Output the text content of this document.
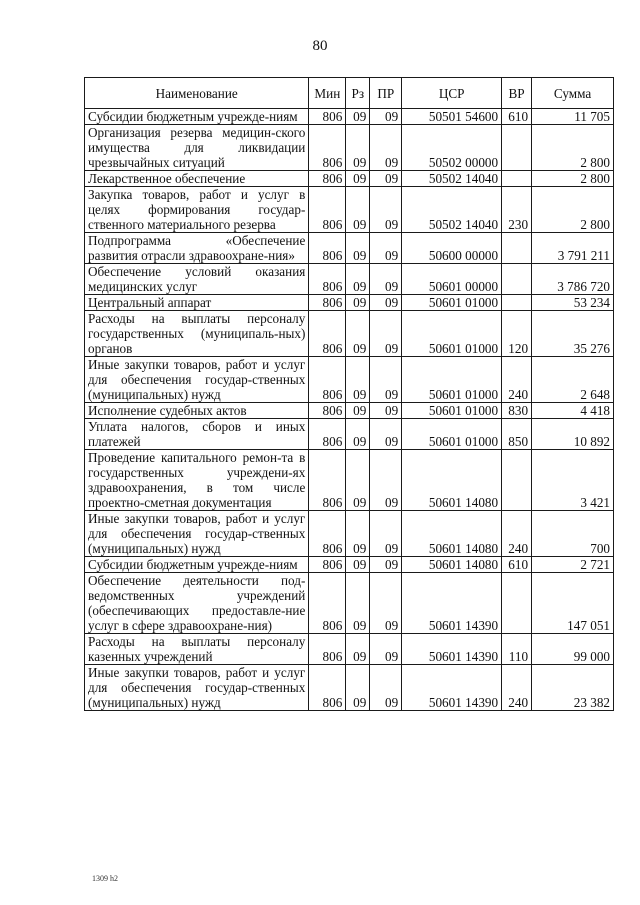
80
Наименование	Мин	Рз	ПР	ЦСР	ВР	Сумма
Субсидии бюджетным учрежде-ниям	806	09	09	50501 54600	610	11 705
Организация резерва медицин-ского имущества для ликвидации чрезвычайных ситуаций	806	09	09	50502 00000		2 800
Лекарственное обеспечение	806	09	09	50502 14040		2 800
Закупка товаров, работ и услуг в целях формирования государ-ственного материального резерва	806	09	09	50502 14040	230	2 800
Подпрограмма «Обеспечение развития отрасли здравоохране-ния»	806	09	09	50600 00000		3 791 211
Обеспечение условий оказания медицинских услуг	806	09	09	50601 00000		3 786 720
Центральный аппарат	806	09	09	50601 01000		53 234
Расходы на выплаты персоналу государственных (муниципаль-ных) органов	806	09	09	50601 01000	120	35 276
Иные закупки товаров, работ и услуг для обеспечения государ-ственных (муниципальных) нужд	806	09	09	50601 01000	240	2 648
Исполнение судебных актов	806	09	09	50601 01000	830	4 418
Уплата налогов, сборов и иных платежей	806	09	09	50601 01000	850	10 892
Проведение капитального ремон-та в государственных учреждени-ях здравоохранения, в том числе проектно-сметная документация	806	09	09	50601 14080		3 421
Иные закупки товаров, работ и услуг для обеспечения государ-ственных (муниципальных) нужд	806	09	09	50601 14080	240	700
Субсидии бюджетным учрежде-ниям	806	09	09	50601 14080	610	2 721
Обеспечение деятельности под-ведомственных учреждений (обеспечивающих предоставле-ние услуг в сфере здравоохране-ния)	806	09	09	50601 14390		147 051
Расходы на выплаты персоналу казенных учреждений	806	09	09	50601 14390	110	99 000
Иные закупки товаров, работ и услуг для обеспечения государ-ственных (муниципальных) нужд	806	09	09	50601 14390	240	23 382
1309 h2
